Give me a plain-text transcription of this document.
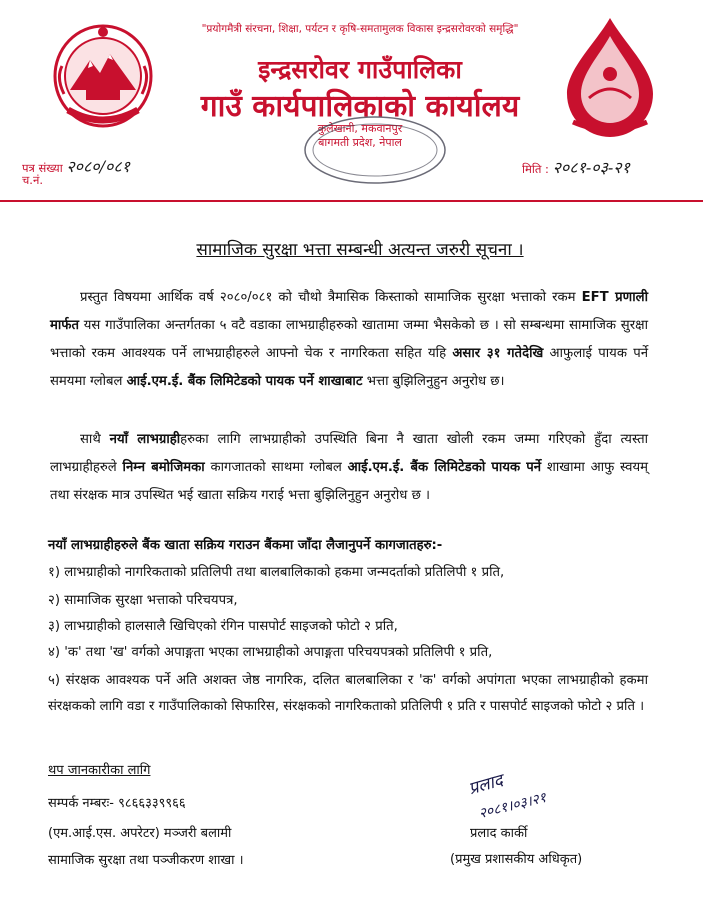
"प्रयोगमैत्री संरचना, शिक्षा, पर्यटन र कृषि-समतामुलक विकास इन्द्रसरोवरको समृद्धि"
इन्द्रसरोवर गाउँपालिका
गाउँ कार्यपालिकाको कार्यालय
कुलेखानी, मकवानपुर
बागमती प्रदेश, नेपाल
पत्र संख्या २०८०/०८१
च.नं.
मिति : २०८१-०३-२१
सामाजिक सुरक्षा भत्ता सम्बन्धी अत्यन्त जरुरी सूचना ।
प्रस्तुत विषयमा आर्थिक वर्ष २०८०/०८१ को चौथो त्रैमासिक किस्ताको सामाजिक सुरक्षा भत्ताको रकम EFT प्रणाली मार्फत यस गाउँपालिका अन्तर्गतका ५ वटै वडाका लाभग्राहीहरुको खातामा जम्मा भैसकेको छ । सो सम्बन्धमा सामाजिक सुरक्षा भत्ताको रकम आवश्यक पर्ने लाभग्राहीहरुले आफ्नो चेक र नागरिकता सहित यहि असार ३१ गतेदेखि आफुलाई पायक पर्ने समयमा ग्लोबल आई.एम.ई. बैंक लिमिटेडको पायक पर्ने शाखाबाट भत्ता बुझिलिनुहुन अनुरोध छ।
साथै नयाँ लाभग्राहीहरुका लागि लाभग्राहीको उपस्थिति बिना नै खाता खोली रकम जम्मा गरिएको हुँदा त्यस्ता लाभग्राहीहरुले निम्न बमोजिमका कागजातको साथमा ग्लोबल आई.एम.ई. बैंक लिमिटेडको पायक पर्ने शाखामा आफु स्वयम् तथा संरक्षक मात्र उपस्थित भई खाता सक्रिय गराई भत्ता बुझिलिनुहुन अनुरोध छ ।
नयाँ लाभग्राहीहरुले बैंक खाता सक्रिय गराउन बैंकमा जाँदा लैजानुपर्ने कागजातहरु:-
१) लाभग्राहीको नागरिकताको प्रतिलिपी तथा बालबालिकाको हकमा जन्मदर्ताको प्रतिलिपी १ प्रति,
२) सामाजिक सुरक्षा भत्ताको परिचयपत्र,
३) लाभग्राहीको हालसालै खिचिएको रंगिन पासपोर्ट साइजको फोटो २ प्रति,
४) 'क' तथा 'ख' वर्गको अपाङ्गता भएका लाभग्राहीको अपाङ्गता परिचयपत्रको प्रतिलिपी १ प्रति,
५) संरक्षक आवश्यक पर्ने अति अशक्त जेष्ठ नागरिक, दलित बालबालिका र 'क' वर्गको अपांगता भएका लाभग्राहीको हकमा संरक्षकको लागि वडा र गाउँपालिकाको सिफारिस, संरक्षकको नागरिकताको प्रतिलिपी १ प्रति र पासपोर्ट साइजको फोटो २ प्रति ।
थप जानकारीका लागि
सम्पर्क नम्बरः- ९८६६३३९९६६
(एम.आई.एस. अपरेटर) मञ्जरी बलामी
सामाजिक सुरक्षा तथा पञ्जीकरण शाखा ।
प्रलाद
२०८१।०३।२१
प्रलाद कार्की
(प्रमुख प्रशासकीय अधिकृत)
